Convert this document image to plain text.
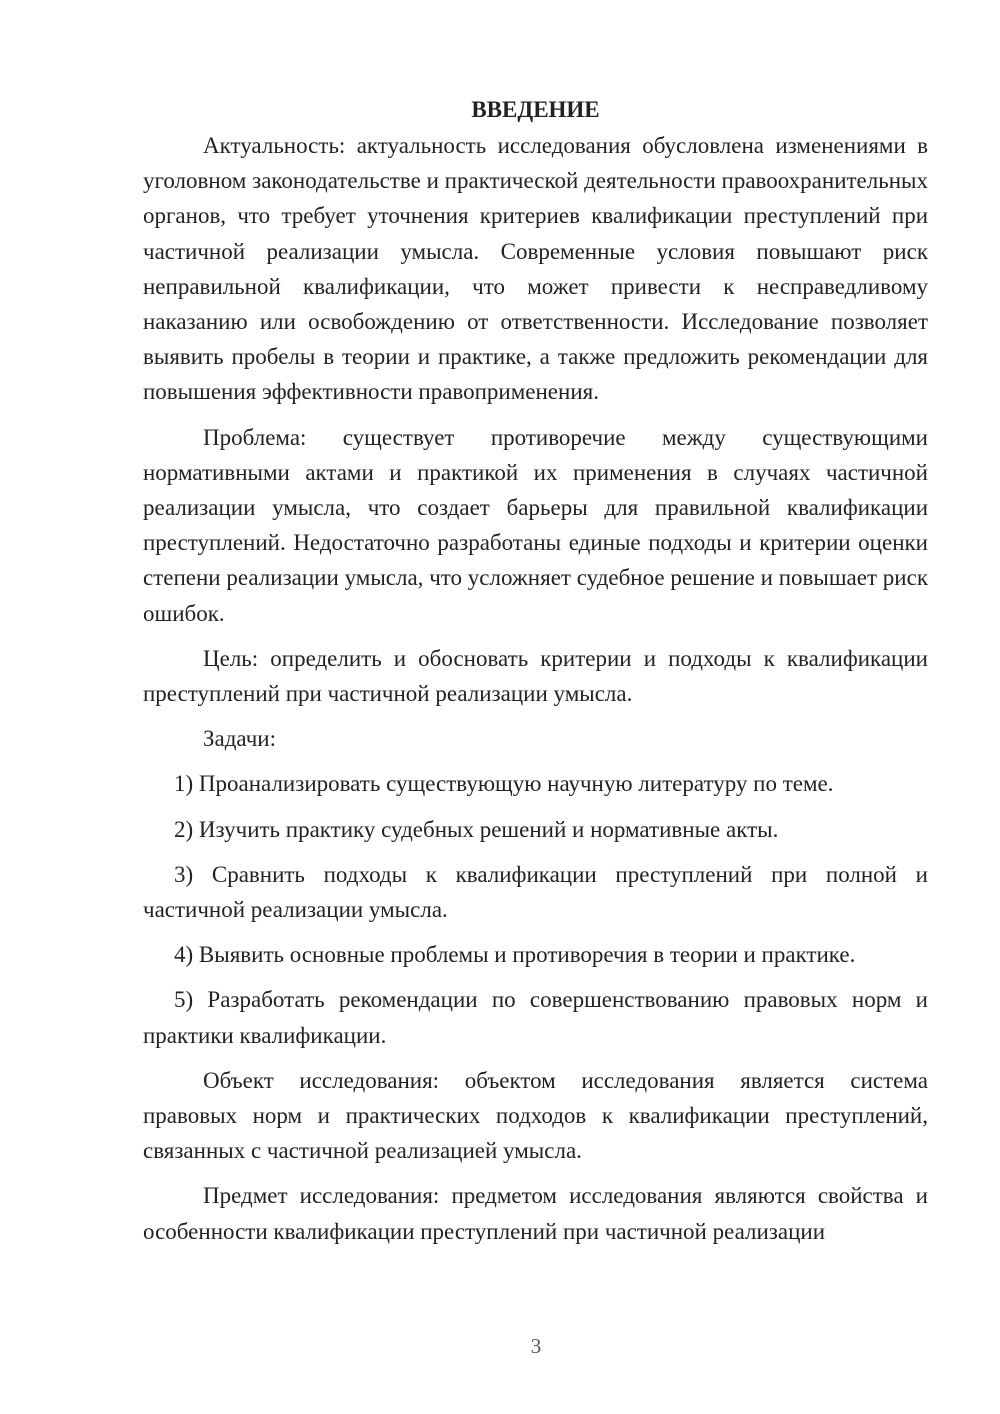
ВВЕДЕНИЕ

Актуальность: актуальность исследования обусловлена изменениями в уголовном законодательстве и практической деятельности правоохранительных органов, что требует уточнения критериев квалификации преступлений при частичной реализации умысла. Современные условия повышают риск неправильной квалификации, что может привести к несправедливому наказанию или освобождению от ответственности. Исследование позволяет выявить пробелы в теории и практике, а также предложить рекомендации для повышения эффективности правоприменения.

Проблема: существует противоречие между существующими нормативными актами и практикой их применения в случаях частичной реализации умысла, что создает барьеры для правильной квалификации преступлений. Недостаточно разработаны единые подходы и критерии оценки степени реализации умысла, что усложняет судебное решение и повышает риск ошибок.

Цель: определить и обосновать критерии и подходы к квалификации преступлений при частичной реализации умысла.

Задачи:

1) Проанализировать существующую научную литературу по теме.

2) Изучить практику судебных решений и нормативные акты.

3) Сравнить подходы к квалификации преступлений при полной и частичной реализации умысла.

4) Выявить основные проблемы и противоречия в теории и практике.

5) Разработать рекомендации по совершенствованию правовых норм и практики квалификации.

Объект исследования: объектом исследования является система правовых норм и практических подходов к квалификации преступлений, связанных с частичной реализацией умысла.

Предмет исследования: предметом исследования являются свойства и особенности квалификации преступлений при частичной реализации

3
